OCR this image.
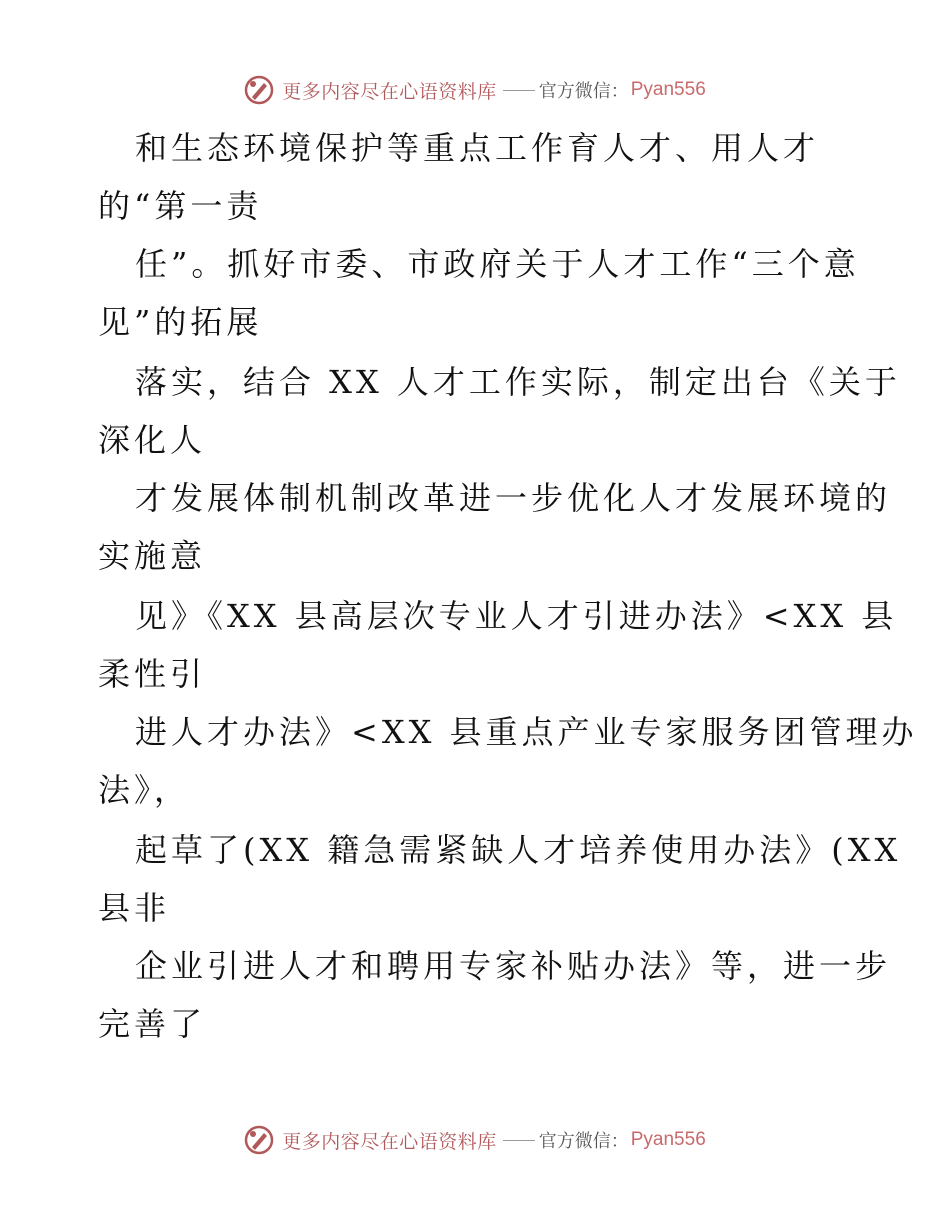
更多内容尽在心语资料库 官方微信： Pyan556
和生态环境保护等重点工作育人才、用人才
的“第一责
任”。抓好市委、市政府关于人才工作“三个意
见”的拓展
落实，结合 XX 人才工作实际，制定出台《关于
深化人
才发展体制机制改革进一步优化人才发展环境的
实施意
见》《XX 县高层次专业人才引进办法》<XX 县
柔性引
进人才办法》<XX 县重点产业专家服务团管理办
法》，
起草了(XX 籍急需紧缺人才培养使用办法》(XX
县非
企业引进人才和聘用专家补贴办法》等，进一步
完善了
更多内容尽在心语资料库 官方微信： Pyan556
